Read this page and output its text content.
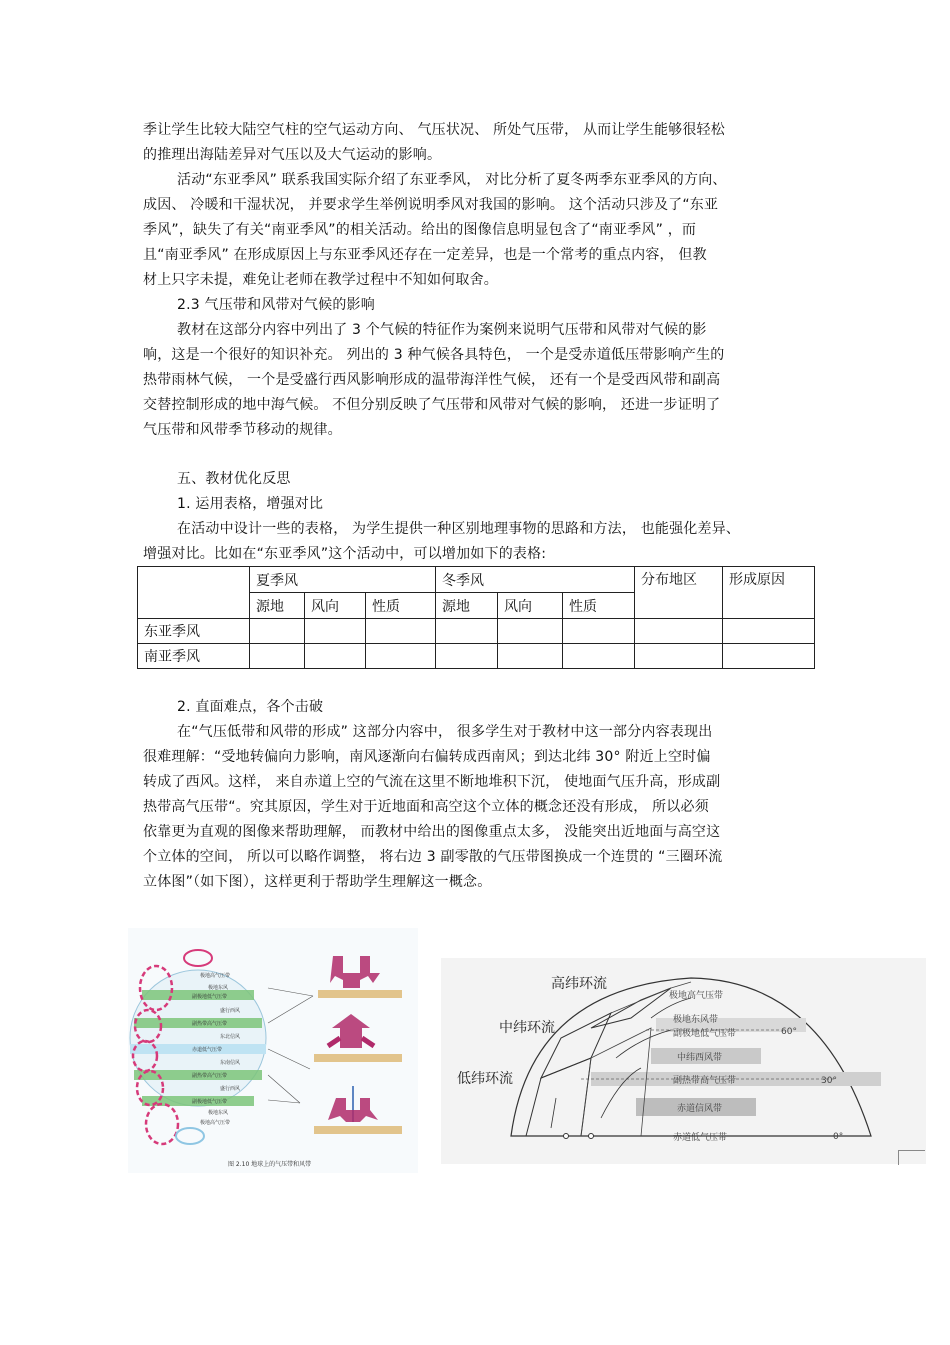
季让学生比较大陆空气柱的空气运动方向、 气压状况、 所处气压带， 从而让学生能够很轻松
的推理出海陆差异对气压以及大气运动的影响。
活动“东亚季风” 联系我国实际介绍了东亚季风， 对比分析了夏冬两季东亚季风的方向、
成因、 冷暖和干湿状况， 并要求学生举例说明季风对我国的影响。 这个活动只涉及了“东亚
季风”，缺失了有关“南亚季风”的相关活动。给出的图像信息明显包含了“南亚季风” ，而
且“南亚季风” 在形成原因上与东亚季风还存在一定差异，也是一个常考的重点内容， 但教
材上只字未提，难免让老师在教学过程中不知如何取舍。
2.3 气压带和风带对气候的影响
教材在这部分内容中列出了 3 个气候的特征作为案例来说明气压带和风带对气候的影
响，这是一个很好的知识补充。 列出的 3 种气候各具特色， 一个是受赤道低压带影响产生的
热带雨林气候， 一个是受盛行西风影响形成的温带海洋性气候， 还有一个是受西风带和副高
交替控制形成的地中海气候。 不但分别反映了气压带和风带对气候的影响， 还进一步证明了
气压带和风带季节移动的规律。
五、教材优化反思
1. 运用表格，增强对比
在活动中设计一些的表格， 为学生提供一种区别地理事物的思路和方法， 也能强化差异、
增强对比。比如在“东亚季风”这个活动中，可以增加如下的表格:
	夏季风			冬季风			分布地区	形成原因
	源地	风向	性质	源地	风向	性质		
东亚季风								
南亚季风								
2. 直面难点，各个击破
在“气压低带和风带的形成” 这部分内容中， 很多学生对于教材中这一部分内容表现出
很难理解：“受地转偏向力影响，南风逐渐向右偏转成西南风；到达北纬 30° 附近上空时偏
转成了西风。这样， 来自赤道上空的气流在这里不断地堆积下沉， 使地面气压升高，形成副
热带高气压带“。究其原因，学生对于近地面和高空这个立体的概念还没有形成， 所以必须
依靠更为直观的图像来帮助理解， 而教材中给出的图像重点太多， 没能突出近地面与高空这
个立体的空间， 所以可以略作调整， 将右边 3 副零散的气压带图换成一个连贯的 “三圈环流
立体图”（如下图），这样更利于帮助学生理解这一概念。
极地高气压带
极地东风
副极地低气压带
盛行西风
副热带高气压带
东北信风
赤道低气压带
东南信风
副热带高气压带
盛行西风
副极地低气压带
极地东风
极地高气压带
图 2.10 地球上的气压带和风带
高纬环流
中纬环流
低纬环流
极地高气压带
极地东风带
副极地低气压带
中纬西风带
副热带高气压带
赤道信风带
赤道低气压带
60°
30°
0°
